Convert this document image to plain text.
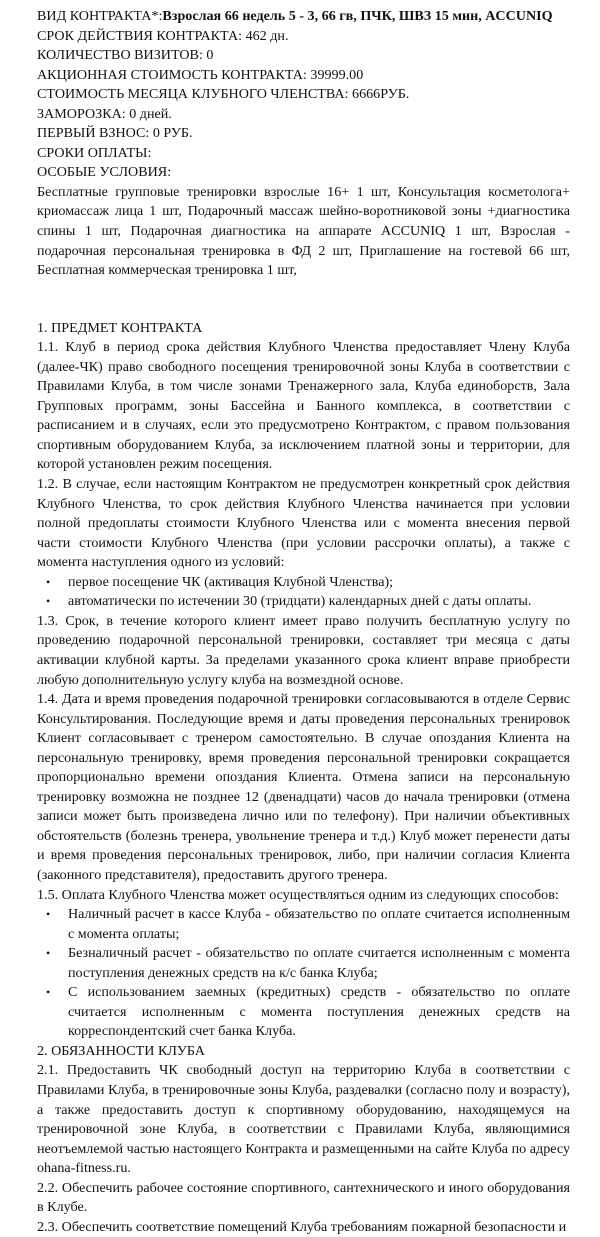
ВИД КОНТРАКТА*:Взрослая 66 недель 5 - 3, 66 гв, ПЧК, ШВЗ 15 мин, ACCUNIQ
СРОК ДЕЙСТВИЯ КОНТРАКТА: 462 дн.
КОЛИЧЕСТВО ВИЗИТОВ: 0
АКЦИОННАЯ СТОИМОСТЬ КОНТРАКТА: 39999.00
СТОИМОСТЬ МЕСЯЦА КЛУБНОГО ЧЛЕНСТВА: 6666РУБ.
ЗАМОРОЗКА: 0 дней.
ПЕРВЫЙ ВЗНОС: 0 РУБ.
СРОКИ ОПЛАТЫ:
ОСОБЫЕ УСЛОВИЯ:

Бесплатные групповые тренировки взрослые 16+ 1 шт, Консультация косметолога+ криомассаж лица 1 шт, Подарочный массаж шейно-воротниковой зоны +диагностика спины 1 шт, Подарочная диагностика на аппарате ACCUNIQ 1 шт, Взрослая - подарочная персональная тренировка в ФД 2 шт, Приглашение на гостевой 66 шт, Бесплатная коммерческая тренировка 1 шт,

1. ПРЕДМЕТ КОНТРАКТА

1.1. Клуб в период срока действия Клубного Членства предоставляет Члену Клуба (далее-ЧК) право свободного посещения тренировочной зоны Клуба в соответствии с Правилами Клуба, в том числе зонами Тренажерного зала, Клуба единоборств, Зала Групповых программ, зоны Бассейна и Банного комплекса, в соответствии с расписанием и в случаях, если это предусмотрено Контрактом, с правом пользования спортивным оборудованием Клуба, за исключением платной зоны и территории, для которой установлен режим посещения.

1.2. В случае, если настоящим Контрактом не предусмотрен конкретный срок действия Клубного Членства, то срок действия Клубного Членства начинается при условии полной предоплаты стоимости Клубного Членства или с момента внесения первой части стоимости Клубного Членства (при условии рассрочки оплаты), а также с момента наступления одного из условий:

• первое посещение ЧК (активация Клубной Членства);
• автоматически по истечении 30 (тридцати) календарных дней с даты оплаты.

1.3. Срок, в течение которого клиент имеет право получить бесплатную услугу по проведению подарочной персональной тренировки, составляет три месяца с даты активации клубной карты. За пределами указанного срока клиент вправе приобрести любую дополнительную услугу клуба на возмездной основе.

1.4. Дата и время проведения подарочной тренировки согласовываются в отделе Сервис Консультирования. Последующие время и даты проведения персональных тренировок Клиент согласовывает с тренером самостоятельно. В случае опоздания Клиента на персональную тренировку, время проведения персональной тренировки сокращается пропорционально времени опоздания Клиента. Отмена записи на персональную тренировку возможна не позднее 12 (двенадцати) часов до начала тренировки (отмена записи может быть произведена лично или по телефону). При наличии объективных обстоятельств (болезнь тренера, увольнение тренера и т.д.) Клуб может перенести даты и время проведения персональных тренировок, либо, при наличии согласия Клиента (законного представителя), предоставить другого тренера.

1.5. Оплата Клубного Членства может осуществляться одним из следующих способов:

• Наличный расчет в кассе Клуба - обязательство по оплате считается исполненным с момента оплаты;
• Безналичный расчет - обязательство по оплате считается исполненным с момента поступления денежных средств на к/с банка Клуба;
• С использованием заемных (кредитных) средств - обязательство по оплате считается исполненным с момента поступления денежных средств на корреспондентский счет банка Клуба.
2. ОБЯЗАННОСТИ КЛУБА

2.1. Предоставить ЧК свободный доступ на территорию Клуба в соответствии с Правилами Клуба, в тренировочные зоны Клуба, раздевалки (согласно полу и возрасту), а также предоставить доступ к спортивному оборудованию, находящемуся на тренировочной зоне Клуба, в соответствии с Правилами Клуба, являющимися неотъемлемой частью настоящего Контракта и размещенными на сайте Клуба по адресу ohana-fitness.ru.

2.2. Обеспечить рабочее состояние спортивного, сантехнического и иного оборудования в Клубе.

2.3. Обеспечить соответствие помещений Клуба требованиям пожарной безопасности и
